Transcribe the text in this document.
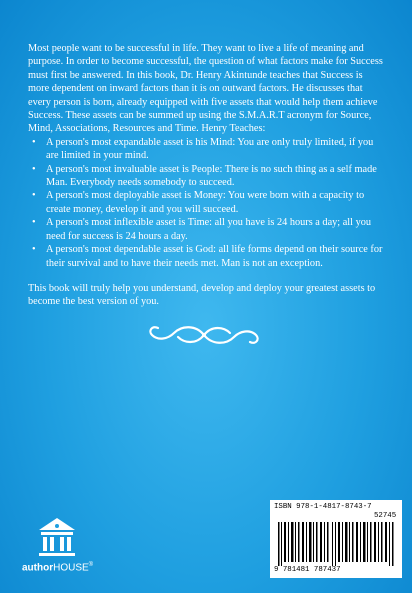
Most people want to be successful in life. They want to live a life of meaning and purpose. In order to become successful, the question of what factors make for Success must first be answered. In this book, Dr. Henry Akintunde teaches that Success is more dependent on inward factors than it is on outward factors. He discusses that every person is born, already equipped with five assets that would help them achieve Success. These assets can be summed up using the S.M.A.R.T acronym for Source, Mind, Associations, Resources and Time. Henry Teaches:

• A person's most expandable asset is his Mind: You are only truly limited, if you are limited in your mind.
• A person's most invaluable asset is People: There is no such thing as a self made Man. Everybody needs somebody to succeed.
• A person's most deployable asset is Money: You were born with a capacity to create money, develop it and you will succeed.
• A person's most inflexible asset is Time: all you have is 24 hours a day; all you need for success is 24 hours a day.
• A person's most dependable asset is God: all life forms depend on their source for their survival and to have their needs met. Man is not an exception.

This book will truly help you understand, develop and deploy your greatest assets to become the best version of you.

authorHOUSE®
ISBN 978-1-4817-8743-7
52745
9 781481 787437
